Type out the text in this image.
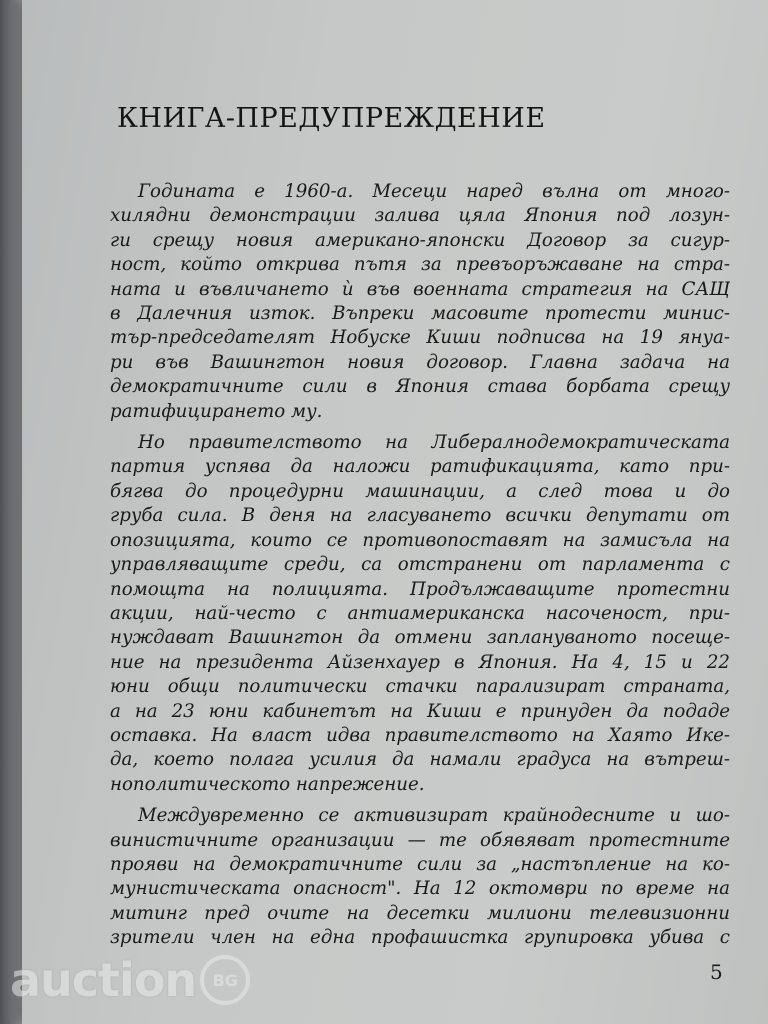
КНИГА-ПРЕДУПРЕЖДЕНИЕ

Годината е 1960-а. Месеци наред вълна от много-
хилядни демонстрации залива цяла Япония под лозун-
ги срещу новия американо-японски Договор за сигур-
ност, който открива пътя за превъоръжаване на стра-
ната и въвличането ѝ във военната стратегия на САЩ
в Далечния изток. Въпреки масовите протести минис-
тър-председателят Нобуске Киши подписва на 19 януа-
ри във Вашингтон новия договор. Главна задача на
демократичните сили в Япония става борбата срещу
ратифицирането му.

Но правителството на Либералнодемократическата
партия успява да наложи ратификацията, като при-
бягва до процедурни машинации, а след това и до
груба сила. В деня на гласуването всички депутати от
опозицията, които се противопоставят на замисъла на
управляващите среди, са отстранени от парламента с
помощта на полицията. Продължаващите протестни
акции, най-често с антиамериканска насоченост, при-
нуждават Вашингтон да отмени заплануваното посеще-
ние на президента Айзенхауер в Япония. На 4, 15 и 22
юни общи политически стачки парализират страната,
а на 23 юни кабинетът на Киши е принуден да подаде
оставка. На власт идва правителството на Хаято Ике-
да, което полага усилия да намали градуса на вътреш-
нополитическото напрежение.

Междувременно се активизират крайнодесните и шо-
винистичните организации — те обявяват протестните
прояви на демократичните сили за „настъпление на ко-
мунистическата опасност". На 12 октомври по време на
митинг пред очите на десетки милиони телевизионни
зрители член на една профашистка групировка убива с

5
auction	BG
